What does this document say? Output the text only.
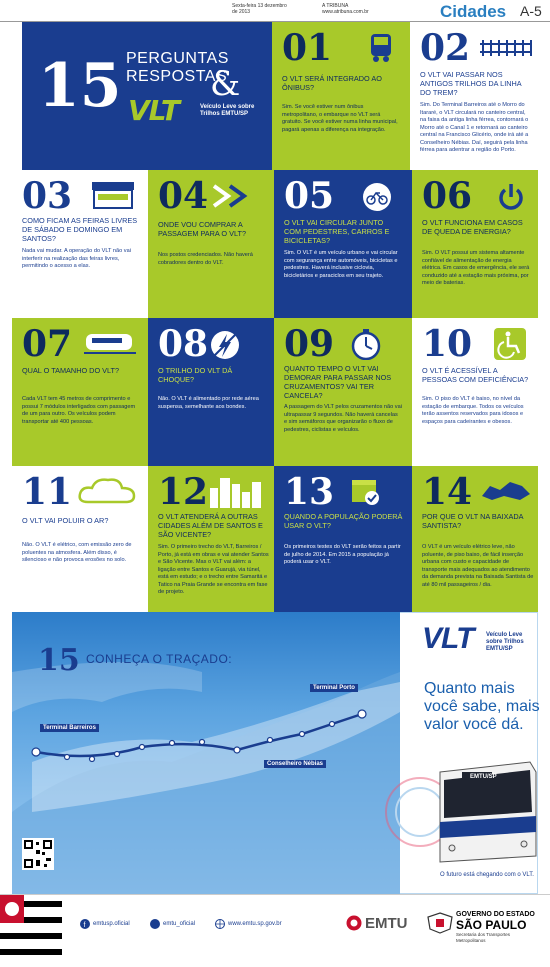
Sexta-feira 13 dezembro de 2013
A TRIBUNA www.atribuna.com.br	Cidades A-5
15 PERGUNTAS
RESPOSTAS
&
VLT	Veículo Leve sobre Trilhos EMTU/SP
01
O VLT SERÁ INTEGRADO AO ÔNIBUS?
Sim. Se você estiver num ônibus metropolitano, o embarque no VLT será gratuito. Se você estiver numa linha municipal, pagará apenas a diferença na integração.
02
O VLT VAI PASSAR NOS ANTIGOS TRILHOS DA LINHA DO TREM?
Sim. Do Terminal Barreiros até o Morro do Itararé, o VLT circulará no canteiro central, na faixa da antiga linha férrea, contornará o Morro até o Canal 1 e retornará ao canteiro central na Francisco Glicério, onde irá até a Conselheiro Nébias. Daí, seguirá pela linha férrea para adentrar a região do Porto.
03
COMO FICAM AS FEIRAS LIVRES DE SÁBADO E DOMINGO EM SANTOS?
Nada vai mudar. A operação do VLT não vai interferir na realização das feiras livres, permitindo o acesso a elas.
04
ONDE VOU COMPRAR A PASSAGEM PARA O VLT?
Nos postos credenciados. Não haverá cobradores dentro do VLT.
05
O VLT VAI CIRCULAR JUNTO COM PEDESTRES, CARROS E BICICLETAS?
Sim. O VLT é um veículo urbano e vai circular com segurança entre automóveis, bicicletas e pedestres. Haverá inclusive ciclovia, bicicletários e paraciclos em seu trajeto.
06
O VLT FUNCIONA EM CASOS DE QUEDA DE ENERGIA?
Sim. O VLT possui um sistema altamente confiável de alimentação de energia elétrica. Em casos de emergência, ele será conduzido até a estação mais próxima, por meio de baterias.
07
QUAL O TAMANHO DO VLT?
Cada VLT tem 45 metros de comprimento e possui 7 módulos interligados com passagem de um para outro. Os veículos podem transportar até 400 pessoas.
08
O TRILHO DO VLT DÁ CHOQUE?
Não. O VLT é alimentado por rede aérea suspensa, semelhante aos bondes.
09
QUANTO TEMPO O VLT VAI DEMORAR PARA PASSAR NOS CRUZAMENTOS? VAI TER CANCELA?
A passagem do VLT pelos cruzamentos não vai ultrapassar 9 segundos. Não haverá cancelas e sim semáforos que organizarão o fluxo de pedestres, ciclistas e veículos.
10
O VLT É ACESSÍVEL A PESSOAS COM DEFICIÊNCIA?
Sim. O piso do VLT é baixo, no nível da estação de embarque. Todos os veículos terão assentos reservados para idosos e espaços para cadeirantes e obesos.
11
O VLT VAI POLUIR O AR?
Não. O VLT é elétrico, com emissão zero de poluentes na atmosfera. Além disso, é silencioso e não provoca erosões no solo.
12
O VLT ATENDERÁ A OUTRAS CIDADES ALÉM DE SANTOS E SÃO VICENTE?
Sim. O primeiro trecho do VLT, Barreiros / Porto, já está em obras e vai atender Santos e São Vicente. Mas o VLT vai além: a ligação entre Santos e Guarujá, via túnel, está em estudo; e o trecho entre Samaritá e Tatico na Praia Grande se encontra em fase de projeto.
13
QUANDO A POPULAÇÃO PODERÁ USAR O VLT?
Os primeiros testes do VLT serão feitos a partir de julho de 2014. Em 2015 a população já poderá usar o VLT.
14
POR QUE O VLT NA BAIXADA SANTISTA?
O VLT é um veículo elétrico leve, não poluente, de piso baixo, de fácil inserção urbana com custo e capacidade de transporte mais adequados ao atendimento da demanda prevista na Baixada Santista de até 80 mil passageiros / dia.
Terminal Barreiros
Conselheiro Nébias
Terminal Porto
15 CONHEÇA O TRAÇADO:
VLT Veículo Leve sobre Trilhos EMTU/SP
Quanto mais você sabe, mais valor você dá.
EMTU/SP
O futuro está chegando com o VLT.
f emtusp.oficial	emtu_oficial	www.emtu.sp.gov.br	EMTU
GOVERNO DO ESTADO
SÃO PAULO
Secretaria dos Transportes Metropolitanos
